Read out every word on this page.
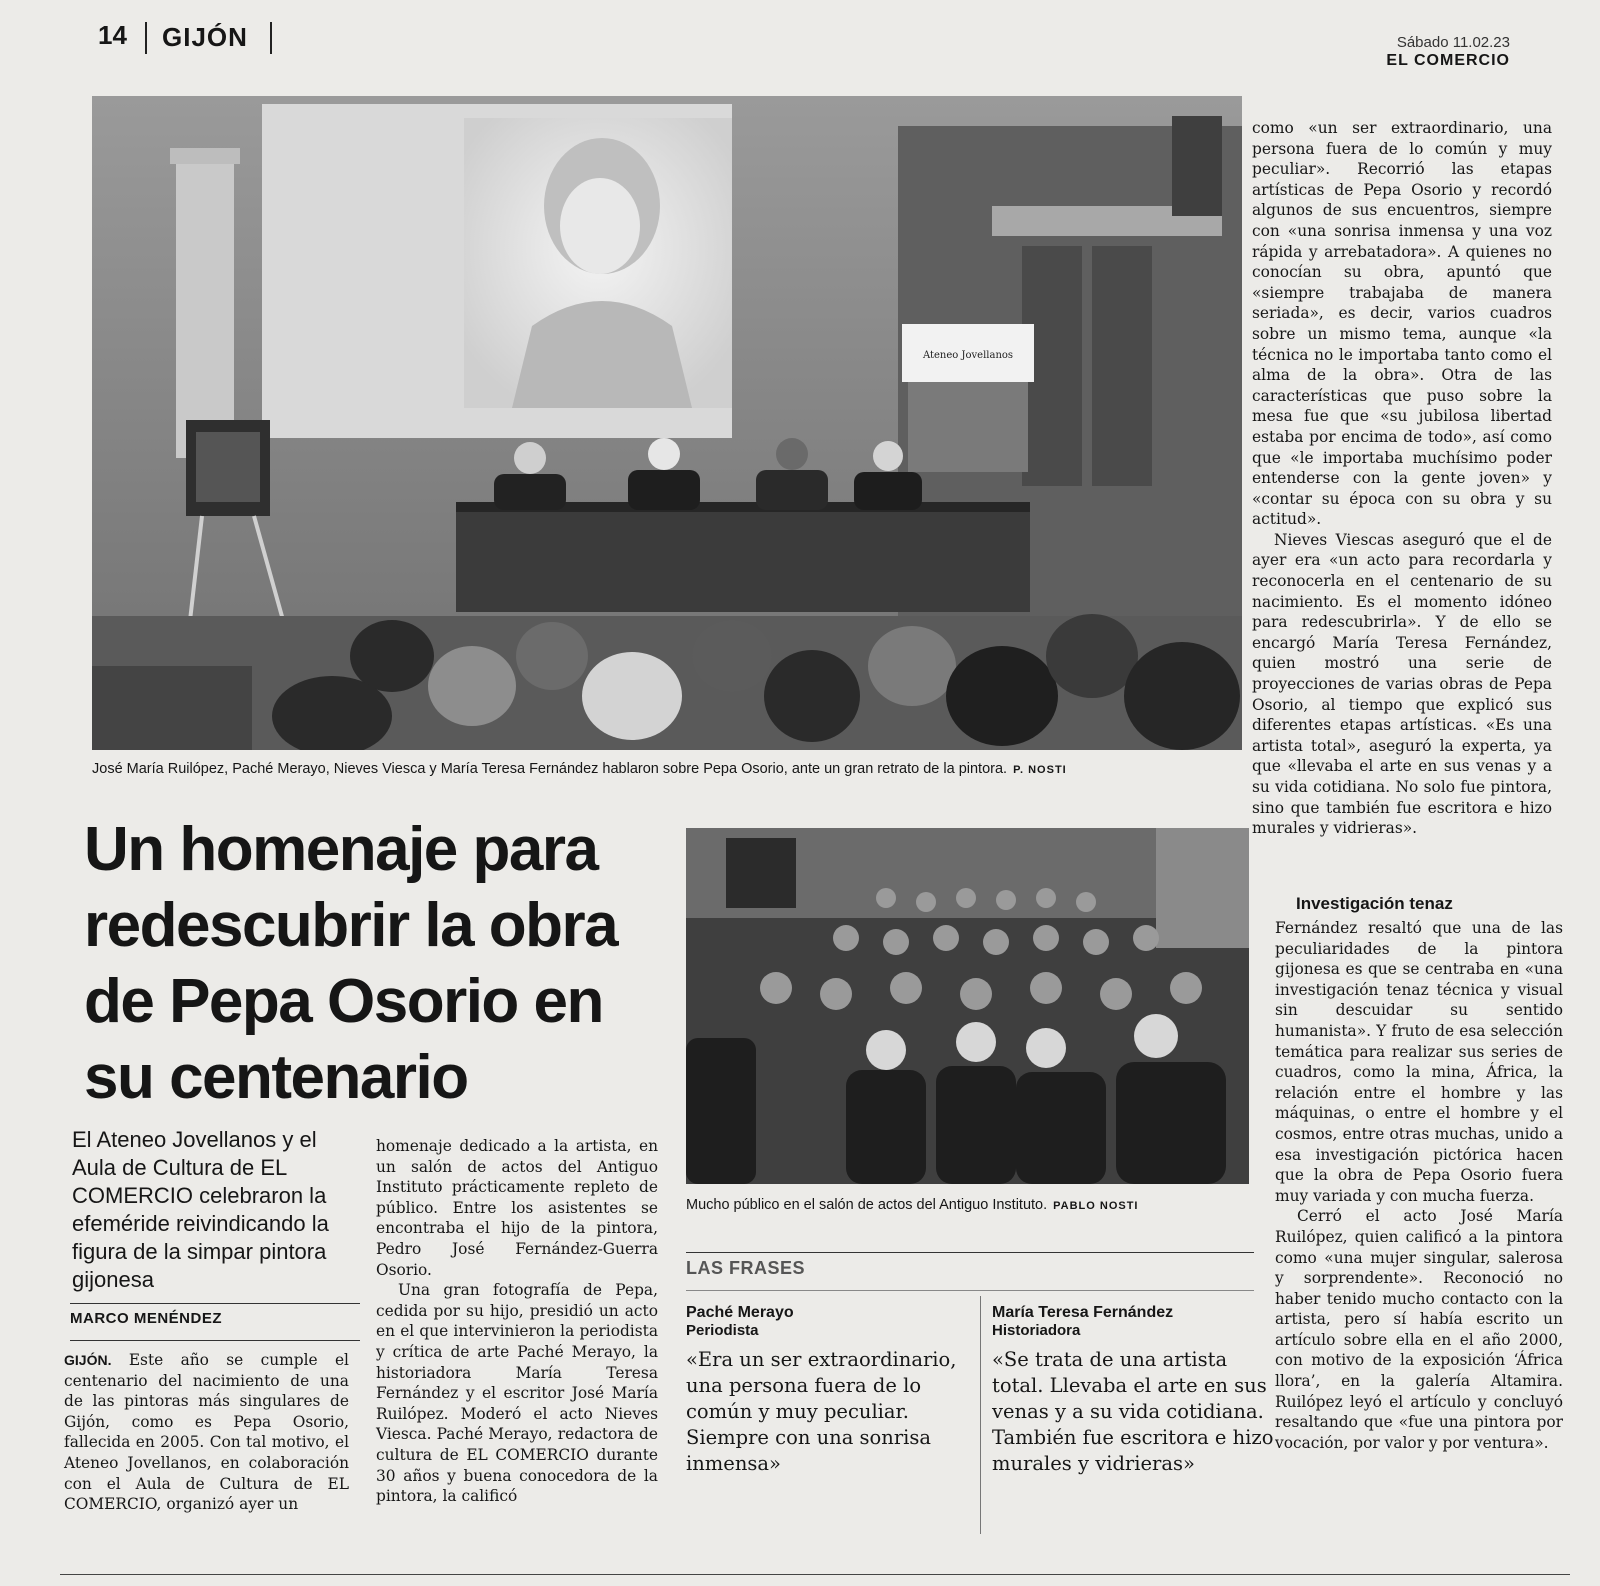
14 GIJÓN	Sábado 11.02.23
EL COMERCIO
Ateneo Jovellanos
José María Ruilópez, Paché Merayo, Nieves Viesca y María Teresa Fernández hablaron sobre Pepa Osorio, ante un gran retrato de la pintora. P. NOSTI
Un homenaje para redescubrir la obra de Pepa Osorio en su centenario
El Ateneo Jovellanos y el Aula de Cultura de EL COMERCIO celebraron la efeméride reivindicando la figura de la simpar pintora gijonesa
MARCO MENÉNDEZ

GIJÓN. Este año se cumple el centenario del nacimiento de una de las pintoras más singulares de Gijón, como es Pepa Osorio, fallecida en 2005. Con tal motivo, el Ateneo Jovellanos, en colaboración con el Aula de Cultura de EL COMERCIO, organizó ayer un

homenaje dedicado a la artista, en un salón de actos del Antiguo Instituto prácticamente repleto de público. Entre los asistentes se encontraba el hijo de la pintora, Pedro José Fernández-Guerra Osorio.

Una gran fotografía de Pepa, cedida por su hijo, presidió un acto en el que intervinieron la periodista y crítica de arte Paché Merayo, la historiadora María Teresa Fernández y el escritor José María Ruilópez. Moderó el acto Nieves Viesca. Paché Merayo, redactora de cultura de EL COMERCIO durante 30 años y buena conocedora de la pintora, la calificó

como «un ser extraordinario, una persona fuera de lo común y muy peculiar». Recorrió las etapas artísticas de Pepa Osorio y recordó algunos de sus encuentros, siempre con «una sonrisa inmensa y una voz rápida y arrebatadora». A quienes no conocían su obra, apuntó que «siempre trabajaba de manera seriada», es decir, varios cuadros sobre un mismo tema, aunque «la técnica no le importaba tanto como el alma de la obra». Otra de las características que puso sobre la mesa fue que «su jubilosa libertad estaba por encima de todo», así como que «le importaba muchísimo poder entenderse con la gente joven» y «contar su época con su obra y su actitud».

Nieves Viescas aseguró que el de ayer era «un acto para recordarla y reconocerla en el centenario de su nacimiento. Es el momento idóneo para redescubrirla». Y de ello se encargó María Teresa Fernández, quien mostró una serie de proyecciones de varias obras de Pepa Osorio, al tiempo que explicó sus diferentes etapas artísticas. «Es una artista total», aseguró la experta, ya que «llevaba el arte en sus venas y a su vida cotidiana. No solo fue pintora, sino que también fue escritora e hizo murales y vidrieras».

Investigación tenaz

Fernández resaltó que una de las peculiaridades de la pintora gijonesa es que se centraba en «una investigación tenaz técnica y visual sin descuidar su sentido humanista». Y fruto de esa selección temática para realizar sus series de cuadros, como la mina, África, la relación entre el hombre y las máquinas, o entre el hombre y el cosmos, entre otras muchas, unido a esa investigación pictórica hacen que la obra de Pepa Osorio fuera muy variada y con mucha fuerza.

Cerró el acto José María Ruilópez, quien calificó a la pintora como «una mujer singular, salerosa y sorprendente». Reconoció no haber tenido mucho contacto con la artista, pero sí había escrito un artículo sobre ella en el año 2000, con motivo de la exposición ‘África llora’, en la galería Altamira. Ruilópez leyó el artículo y concluyó resaltando que «fue una pintora por vocación, por valor y por ventura».

Mucho público en el salón de actos del Antiguo Instituto. PABLO NOSTI
LAS FRASES
Paché Merayo
Periodista
«Era un ser extraordinario, una persona fuera de lo común y muy peculiar. Siempre con una sonrisa inmensa»
María Teresa Fernández
Historiadora
«Se trata de una artista total. Llevaba el arte en sus venas y a su vida cotidiana. También fue escritora e hizo murales y vidrieras»
